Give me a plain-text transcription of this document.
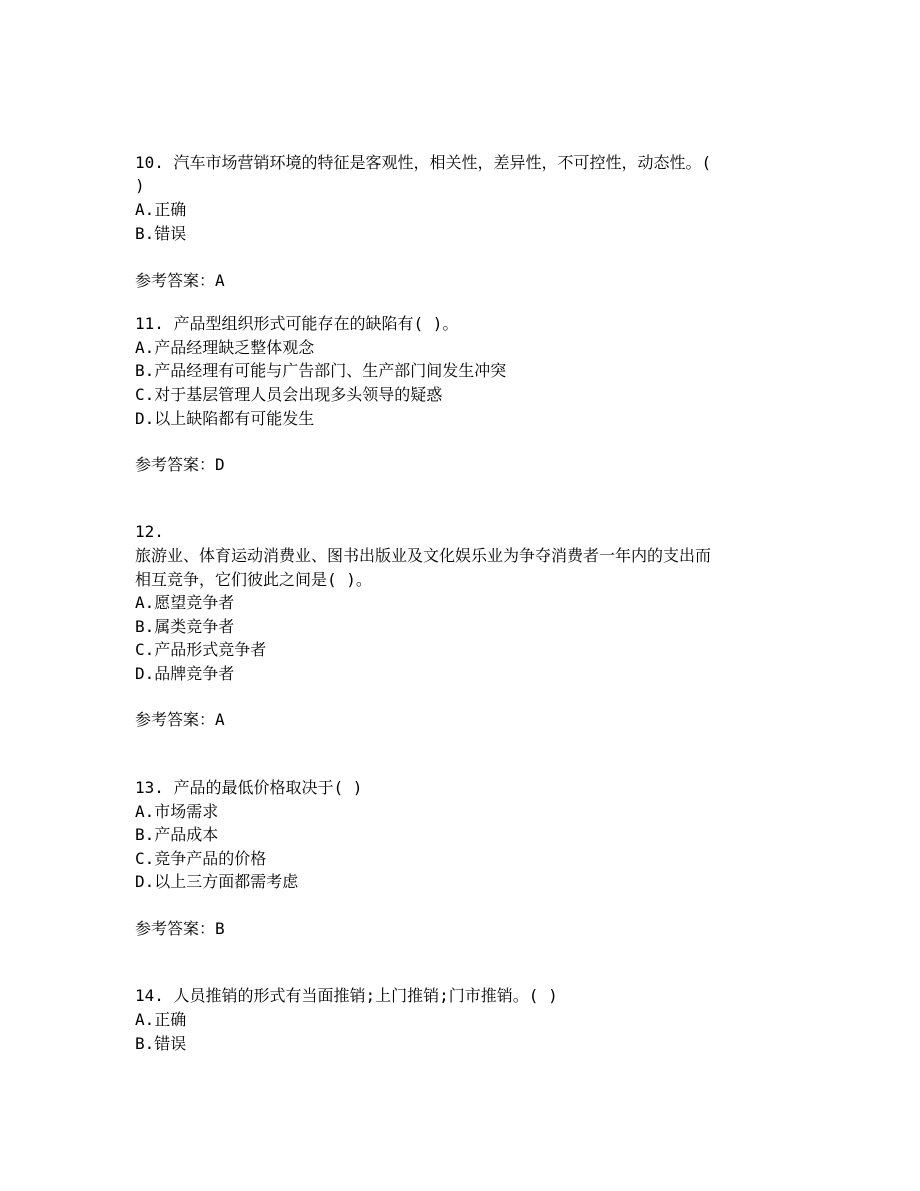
10. 汽车市场营销环境的特征是客观性，相关性，差异性，不可控性，动态性。(
)
A.正确
B.错误
参考答案：A
11. 产品型组织形式可能存在的缺陷有( )。
A.产品经理缺乏整体观念
B.产品经理有可能与广告部门、生产部门间发生冲突
C.对于基层管理人员会出现多头领导的疑惑
D.以上缺陷都有可能发生
参考答案：D
12.
旅游业、体育运动消费业、图书出版业及文化娱乐业为争夺消费者一年内的支出而
相互竞争，它们彼此之间是( )。
A.愿望竞争者
B.属类竞争者
C.产品形式竞争者
D.品牌竞争者
参考答案：A
13. 产品的最低价格取决于( )
A.市场需求
B.产品成本
C.竞争产品的价格
D.以上三方面都需考虑
参考答案：B
14. 人员推销的形式有当面推销;上门推销;门市推销。( )
A.正确
B.错误
